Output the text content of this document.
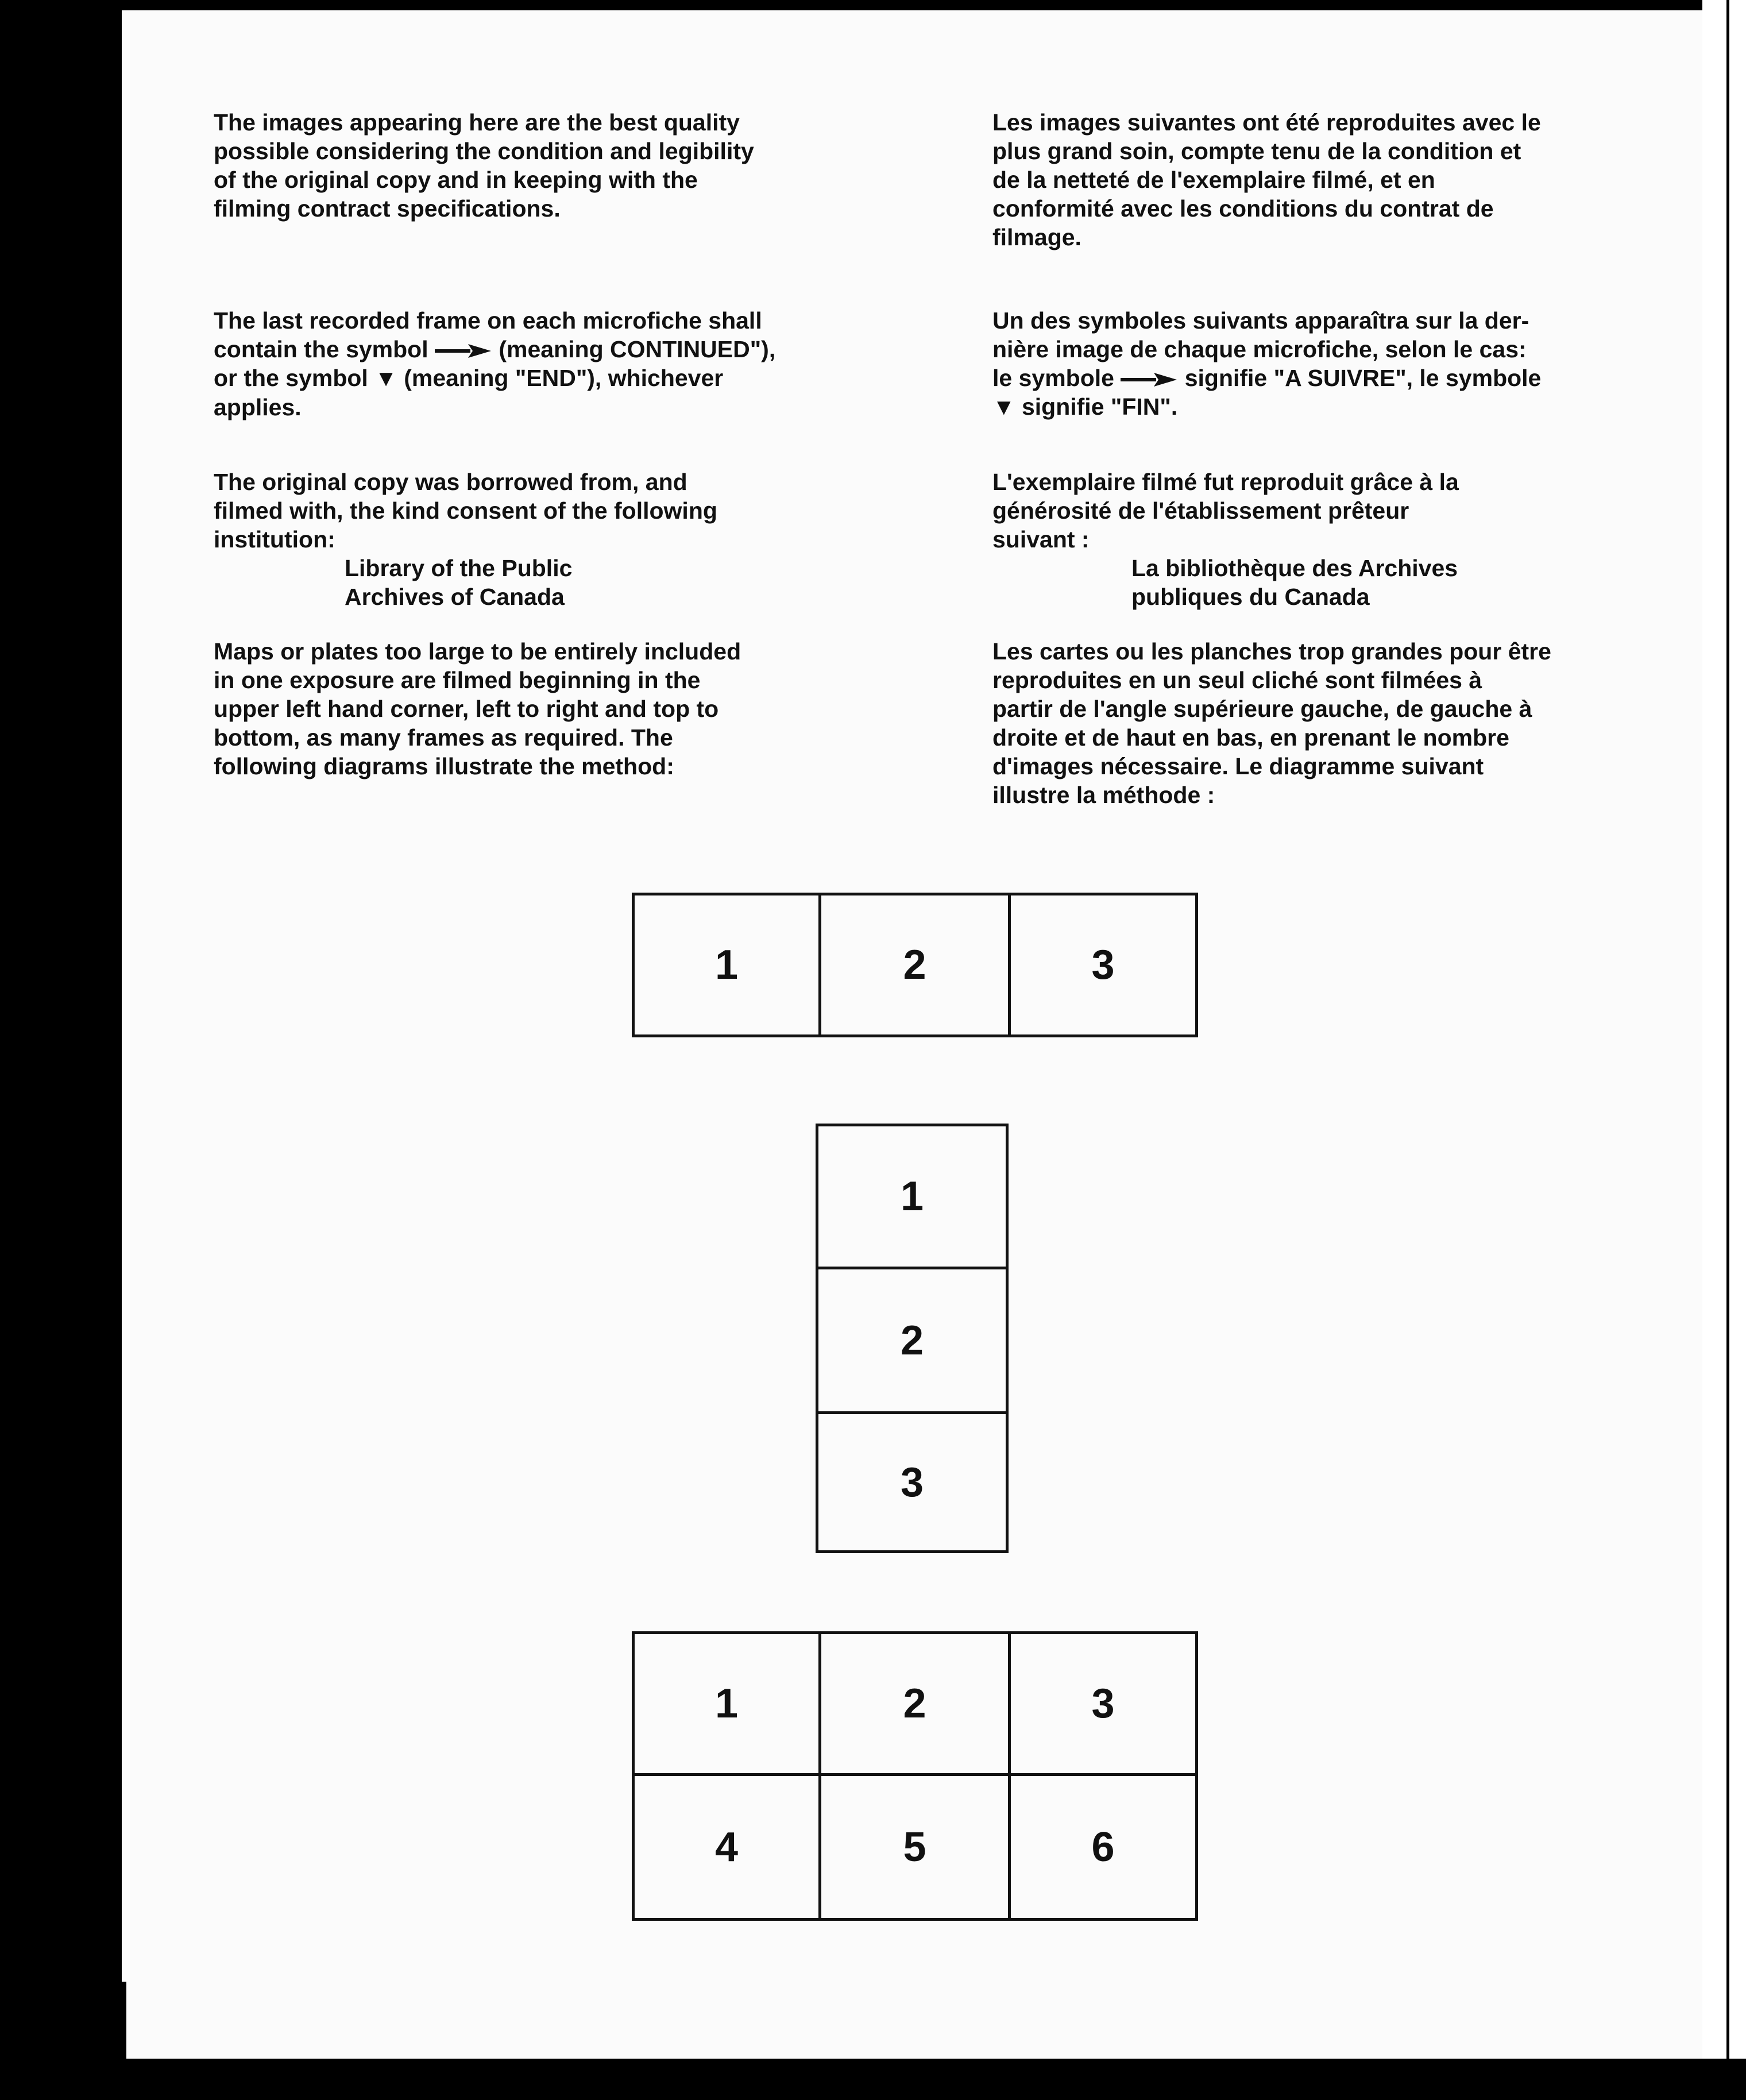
The images appearing here are the best quality
possible considering the condition and legibility
of the original copy and in keeping with the
filming contract specifications.

The last recorded frame on each microfiche shall
contain the symbol	(meaning CONTINUED"),
or the symbol ▼ (meaning "END"), whichever
applies.

The original copy was borrowed from, and
filmed with, the kind consent of the following
institution:

Library of the Public
Archives of Canada

Maps or plates too large to be entirely included
in one exposure are filmed beginning in the
upper left hand corner, left to right and top to
bottom, as many frames as required. The
following diagrams illustrate the method:

Les images suivantes ont été reproduites avec le
plus grand soin, compte tenu de la condition et
de la netteté de l'exemplaire filmé, et en
conformité avec les conditions du contrat de
filmage.

Un des symboles suivants apparaîtra sur la der-
nière image de chaque microfiche, selon le cas:
le symbole	signifie "A SUIVRE", le symbole
▼ signifie "FIN".

L'exemplaire filmé fut reproduit grâce à la
générosité de l'établissement prêteur
suivant :

La bibliothèque des Archives
publiques du Canada

Les cartes ou les planches trop grandes pour être
reproduites en un seul cliché sont filmées à
partir de l'angle supérieure gauche, de gauche à
droite et de haut en bas, en prenant le nombre
d'images nécessaire. Le diagramme suivant
illustre la méthode :

1	2	3
1
2
3
1	2	3
4	5	6
